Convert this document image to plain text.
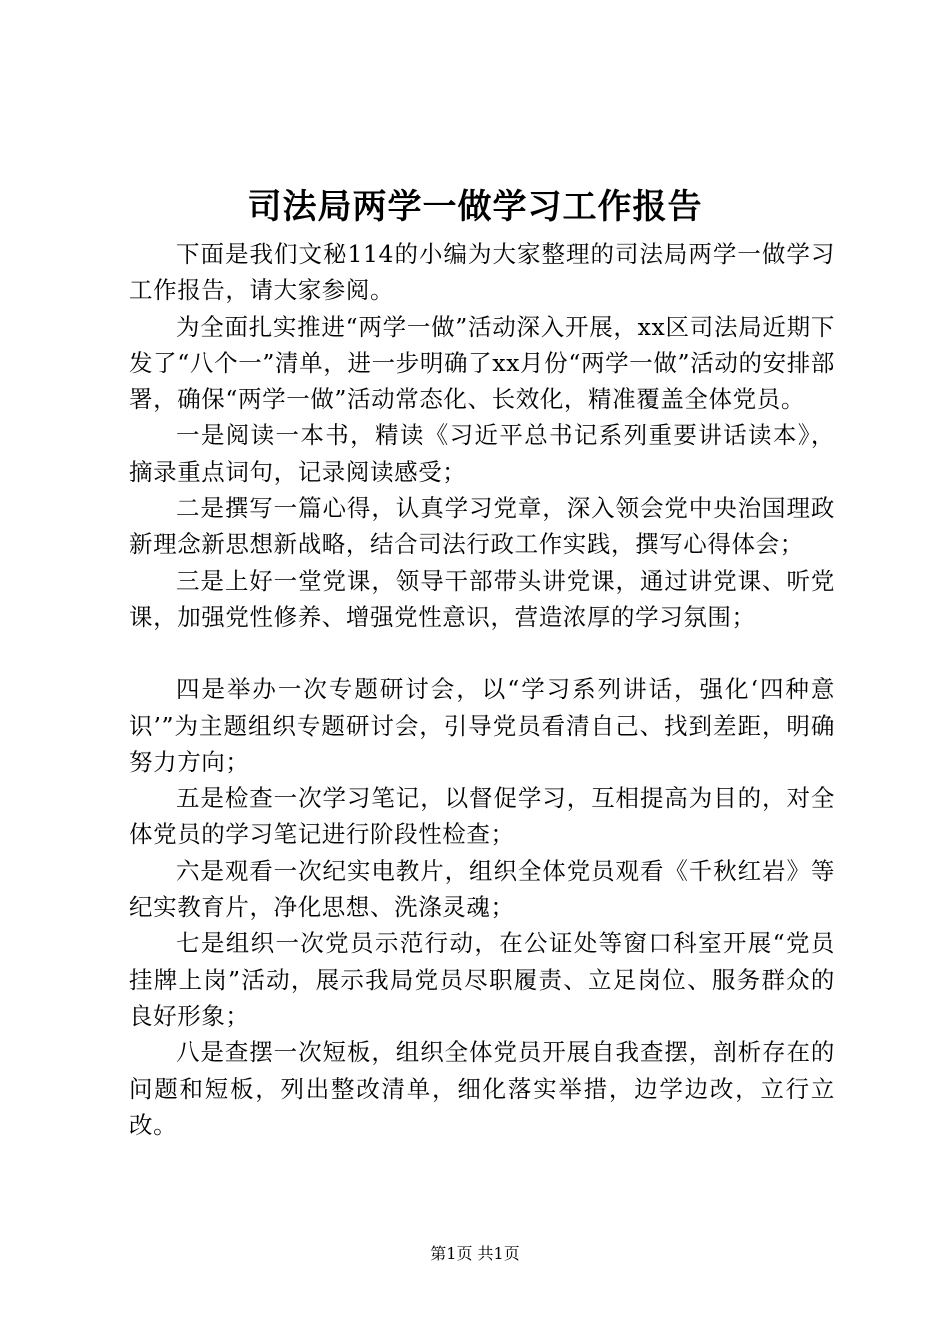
司法局两学一做学习工作报告

下面是我们文秘114的小编为大家整理的司法局两学一做学习工作报告，请大家参阅。

为全面扎实推进“两学一做”活动深入开展，xx区司法局近期下发了“八个一”清单，进一步明确了xx月份“两学一做”活动的安排部署，确保“两学一做”活动常态化、长效化，精准覆盖全体党员。

一是阅读一本书，精读《习近平总书记系列重要讲话读本》，摘录重点词句，记录阅读感受；

二是撰写一篇心得，认真学习党章，深入领会党中央治国理政新理念新思想新战略，结合司法行政工作实践，撰写心得体会；

三是上好一堂党课，领导干部带头讲党课，通过讲党课、听党课，加强党性修养、增强党性意识，营造浓厚的学习氛围；

四是举办一次专题研讨会，以“学习系列讲话，强化‘四种意识’”为主题组织专题研讨会，引导党员看清自己、找到差距，明确努力方向；

五是检查一次学习笔记，以督促学习，互相提高为目的，对全体党员的学习笔记进行阶段性检查；

六是观看一次纪实电教片，组织全体党员观看《千秋红岩》等纪实教育片，净化思想、洗涤灵魂；

七是组织一次党员示范行动，在公证处等窗口科室开展“党员挂牌上岗”活动，展示我局党员尽职履责、立足岗位、服务群众的良好形象；

八是查摆一次短板，组织全体党员开展自我查摆，剖析存在的问题和短板，列出整改清单，细化落实举措，边学边改，立行立改。

第1页 共1页
